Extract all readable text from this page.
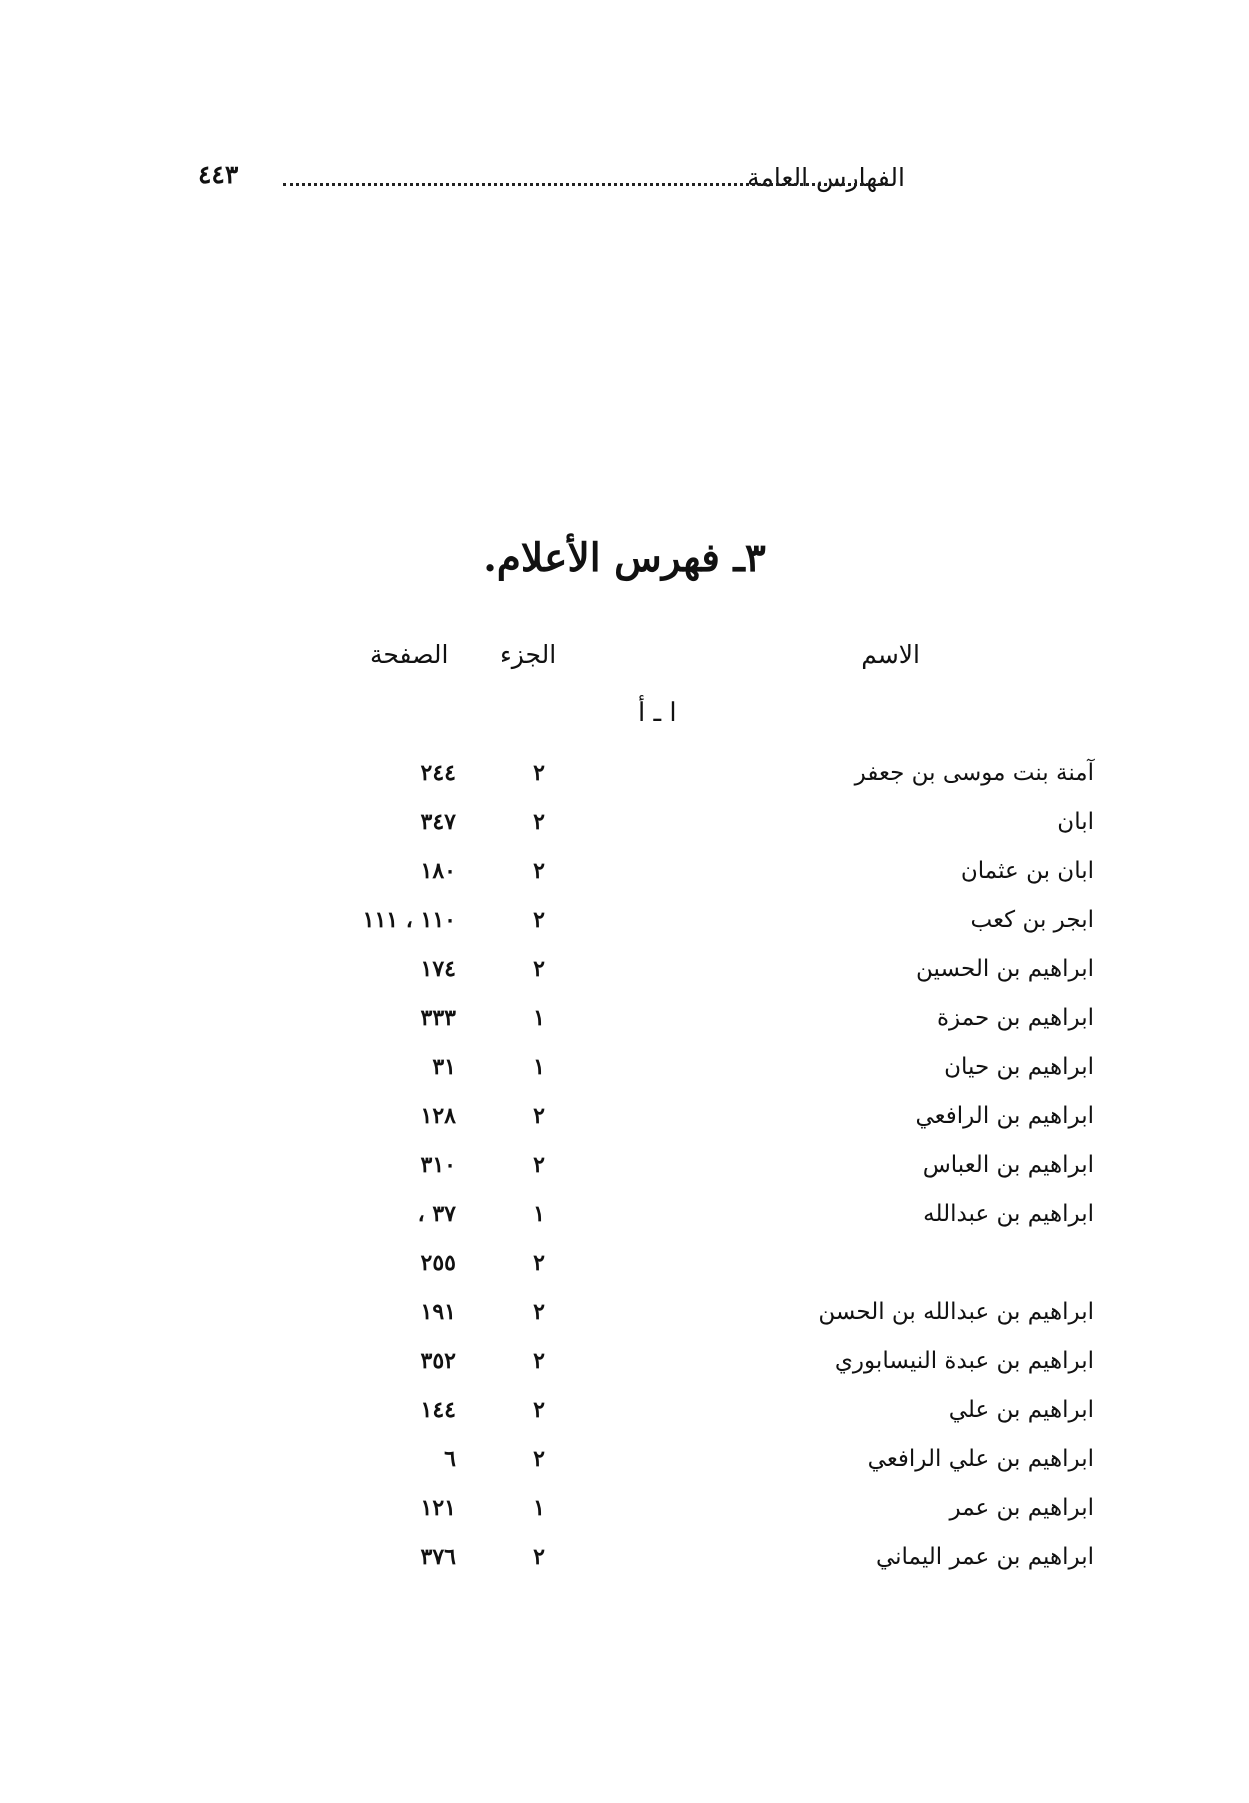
الفهارس العامة
٤٤٣
٣ـ فهرس الأعلام.
الاسم
الجزء
الصفحة
ا ـ أ
آمنة بنت موسى بن جعفر
٢
٢٤٤
ابان
٢
٣٤٧
ابان بن عثمان
٢
١٨٠
ابجر بن كعب
٢
١١٠ ، ١١١
ابراهيم بن الحسين
٢
١٧٤
ابراهيم بن حمزة
١
٣٣٣
ابراهيم بن حيان
١
٣١
ابراهيم بن الرافعي
٢
١٢٨
ابراهيم بن العباس
٢
٣١٠
ابراهيم بن عبدالله
١
٣٧ ،
٢
٢٥٥
ابراهيم بن عبدالله بن الحسن
٢
١٩١
ابراهيم بن عبدة النيسابوري
٢
٣٥٢
ابراهيم بن علي
٢
١٤٤
ابراهيم بن علي الرافعي
٢
٦
ابراهيم بن عمر
١
١٢١
ابراهيم بن عمر اليماني
٢
٣٧٦
